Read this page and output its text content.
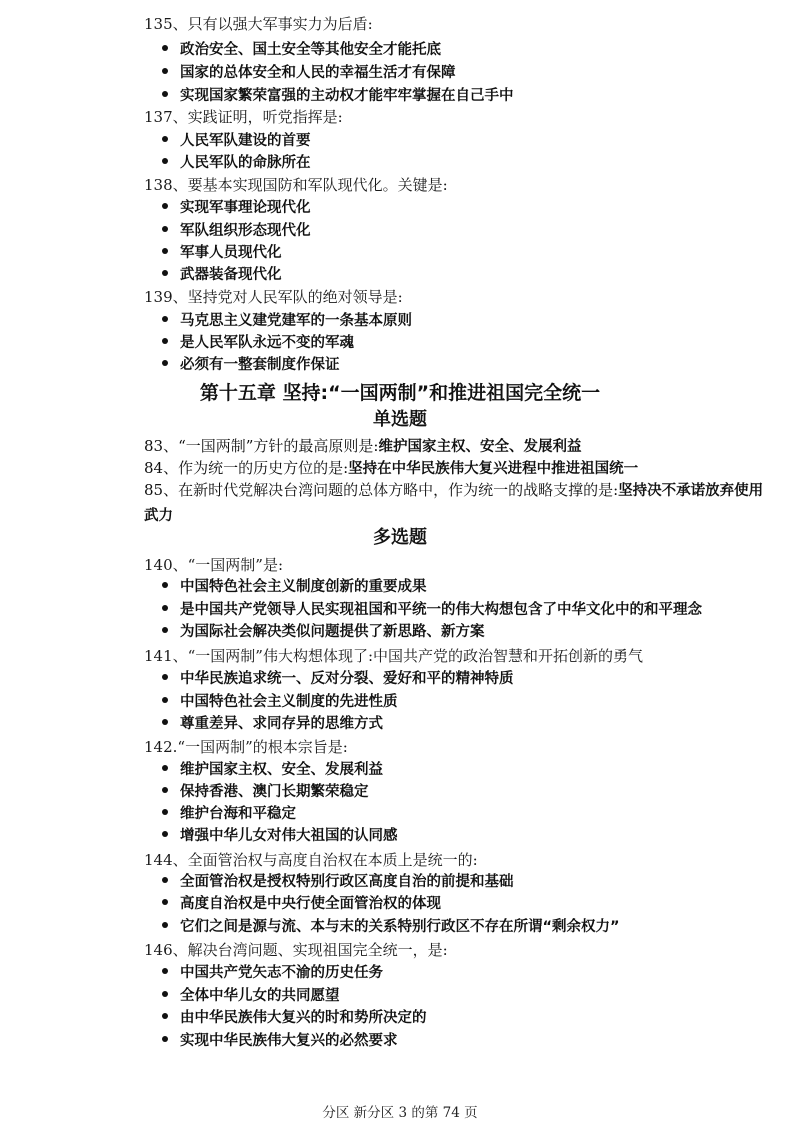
135、只有以强大军事实力为后盾:
政治安全、国土安全等其他安全才能托底
国家的总体安全和人民的幸福生活才有保障
实现国家繁荣富强的主动权才能牢牢掌握在自己手中
137、实践证明，听党指挥是:
人民军队建设的首要
人民军队的命脉所在
138、要基本实现国防和军队现代化。关键是:
实现军事理论现代化
军队组织形态现代化
军事人员现代化
武器装备现代化
139、坚持党对人民军队的绝对领导是:
马克思主义建党建军的一条基本原则
是人民军队永远不变的军魂
必须有一整套制度作保证
第十五章 坚持:“一国两制”和推进祖国完全统一
单选题
83、“一国两制”方针的最高原则是:维护国家主权、安全、发展利益
84、作为统一的历史方位的是:坚持在中华民族伟大复兴进程中推进祖国统一
85、在新时代党解决台湾问题的总体方略中，作为统一的战略支撑的是:坚持决不承诺放弃使用武力
多选题
140、“一国两制”是:
中国特色社会主义制度创新的重要成果
是中国共产党领导人民实现祖国和平统一的伟大构想包含了中华文化中的和平理念
为国际社会解决类似问题提供了新思路、新方案
141、“一国两制”伟大构想体现了:中国共产党的政治智慧和开拓创新的勇气
中华民族追求统一、反对分裂、爱好和平的精神特质
中国特色社会主义制度的先进性质
尊重差异、求同存异的思维方式
142.“一国两制”的根本宗旨是:
维护国家主权、安全、发展利益
保持香港、澳门长期繁荣稳定
维护台海和平稳定
增强中华儿女对伟大祖国的认同感
144、全面管治权与高度自治权在本质上是统一的:
全面管治权是授权特别行政区高度自治的前提和基础
高度自治权是中央行使全面管治权的体现
它们之间是源与流、本与末的关系特别行政区不存在所谓“剩余权力”
146、解决台湾问题、实现祖国完全统一，是:
中国共产党矢志不渝的历史任务
全体中华儿女的共同愿望
由中华民族伟大复兴的时和势所决定的
实现中华民族伟大复兴的必然要求
分区 新分区 3 的第 74 页
